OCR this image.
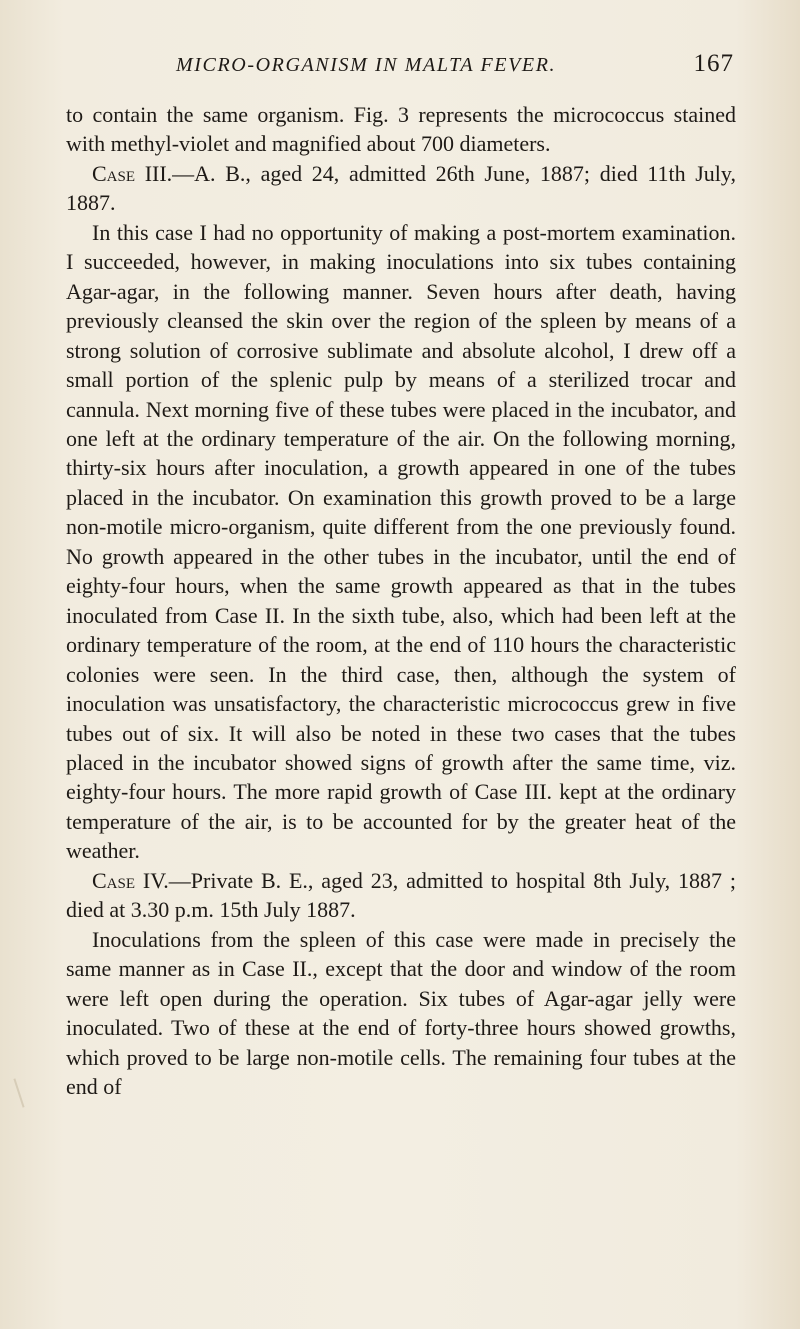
MICRO-ORGANISM IN MALTA FEVER.	167

to contain the same organism. Fig. 3 represents the micrococcus stained with methyl-violet and magnified about 700 diameters.

Case III.—A. B., aged 24, admitted 26th June, 1887; died 11th July, 1887.

In this case I had no opportunity of making a post-mortem examination. I succeeded, however, in making inoculations into six tubes containing Agar-agar, in the following manner. Seven hours after death, having previously cleansed the skin over the region of the spleen by means of a strong solution of corrosive sublimate and absolute alcohol, I drew off a small portion of the splenic pulp by means of a sterilized trocar and cannula. Next morning five of these tubes were placed in the incubator, and one left at the ordinary temperature of the air. On the following morning, thirty-six hours after inoculation, a growth appeared in one of the tubes placed in the incubator. On examination this growth proved to be a large non-motile micro-organism, quite different from the one previously found. No growth appeared in the other tubes in the incubator, until the end of eighty-four hours, when the same growth appeared as that in the tubes inoculated from Case II. In the sixth tube, also, which had been left at the ordinary temperature of the room, at the end of 110 hours the characteristic colonies were seen. In the third case, then, although the system of inoculation was unsatisfactory, the characteristic micrococcus grew in five tubes out of six. It will also be noted in these two cases that the tubes placed in the incubator showed signs of growth after the same time, viz. eighty-four hours. The more rapid growth of Case III. kept at the ordinary temperature of the air, is to be accounted for by the greater heat of the weather.

Case IV.—Private B. E., aged 23, admitted to hospital 8th July, 1887 ; died at 3.30 p.m. 15th July 1887.

Inoculations from the spleen of this case were made in precisely the same manner as in Case II., except that the door and window of the room were left open during the operation. Six tubes of Agar-agar jelly were inoculated. Two of these at the end of forty-three hours showed growths, which proved to be large non-motile cells. The remaining four tubes at the end of
